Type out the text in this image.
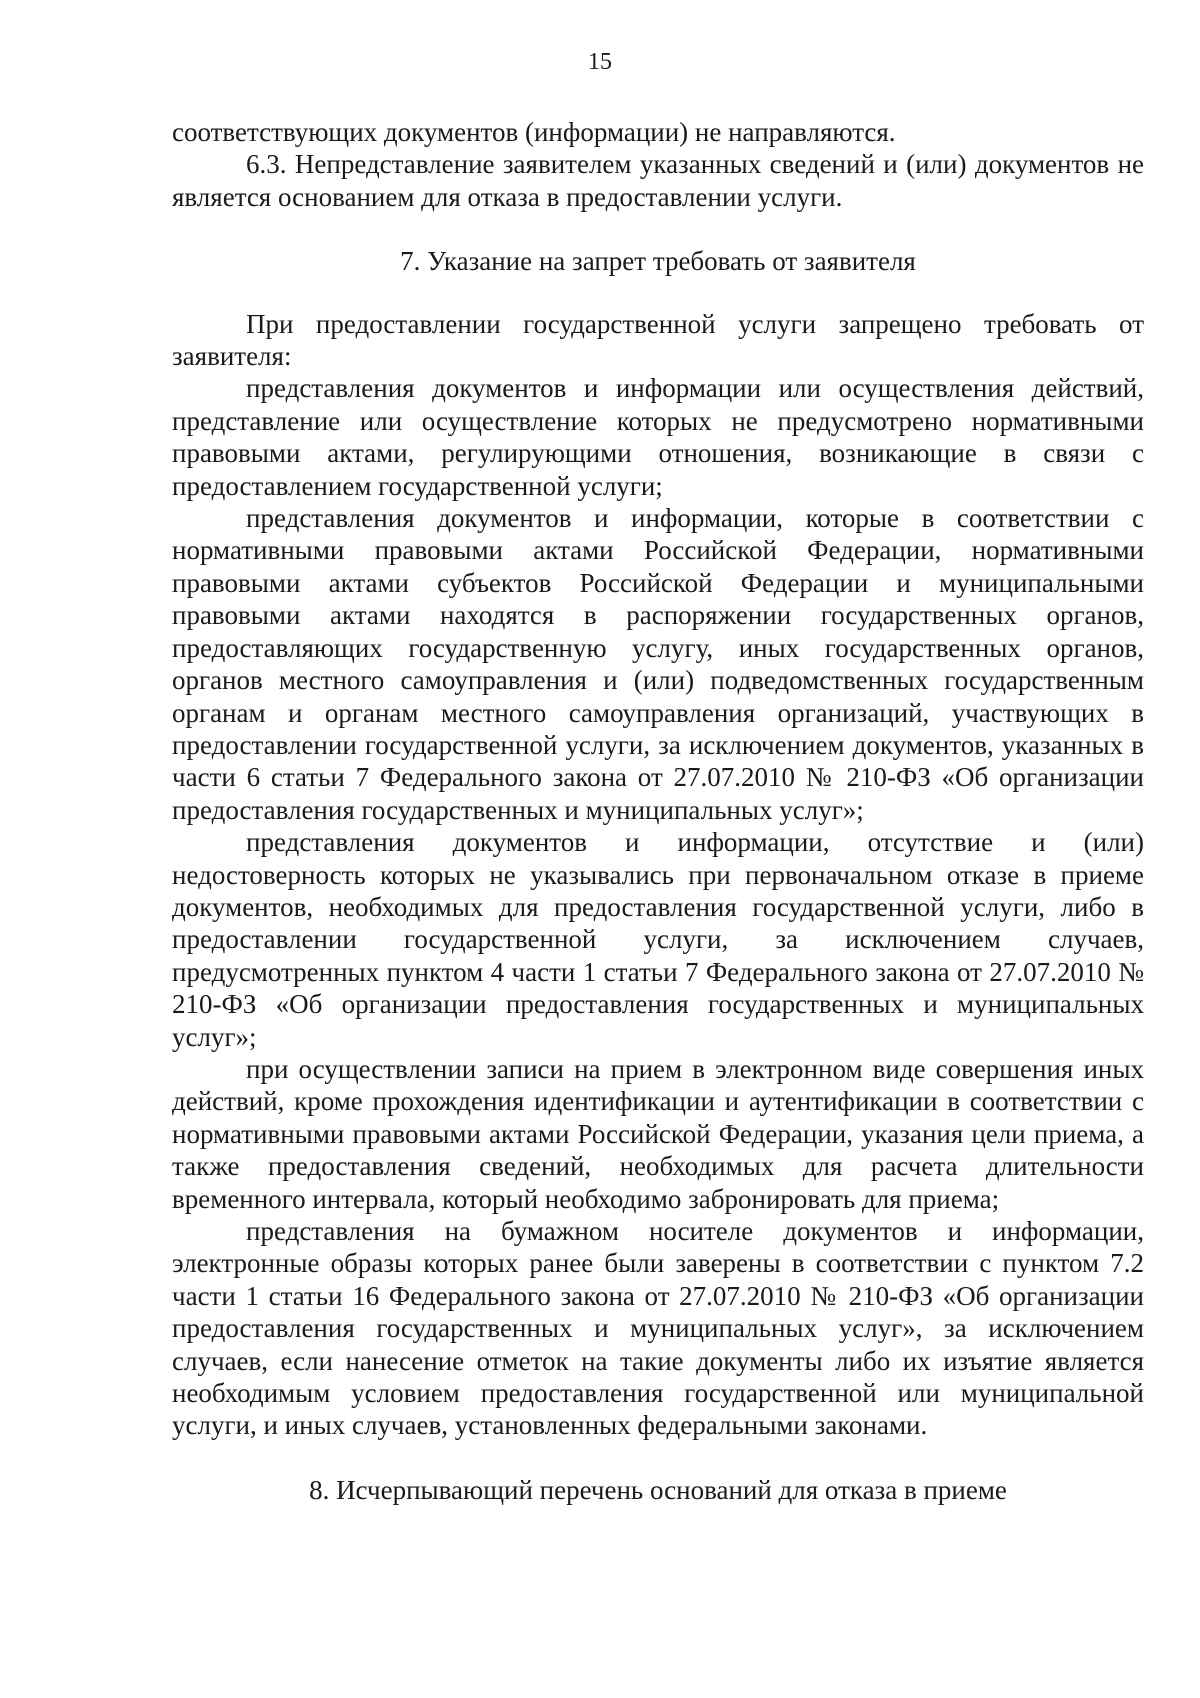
15

соответствующих документов (информации) не направляются.

6.3. Непредставление заявителем указанных сведений и (или) документов не является основанием для отказа в предоставлении услуги.

7. Указание на запрет требовать от заявителя

При предоставлении государственной услуги запрещено требовать от заявителя:

представления документов и информации или осуществления действий, представление или осуществление которых не предусмотрено нормативными правовыми актами, регулирующими отношения, возникающие в связи с предоставлением государственной услуги;

представления документов и информации, которые в соответствии с нормативными правовыми актами Российской Федерации, нормативными правовыми актами субъектов Российской Федерации и муниципальными правовыми актами находятся в распоряжении государственных органов, предоставляющих государственную услугу, иных государственных органов, органов местного самоуправления и (или) подведомственных государственным органам и органам местного самоуправления организаций, участвующих в предоставлении государственной услуги, за исключением документов, указанных в части 6 статьи 7 Федерального закона от 27.07.2010 № 210-ФЗ «Об организации предоставления государственных и муниципальных услуг»;

представления документов и информации, отсутствие и (или) недостоверность которых не указывались при первоначальном отказе в приеме документов, необходимых для предоставления государственной услуги, либо в предоставлении государственной услуги, за исключением случаев, предусмотренных пунктом 4 части 1 статьи 7 Федерального закона от 27.07.2010 № 210-ФЗ «Об организации предоставления государственных и муниципальных услуг»;

при осуществлении записи на прием в электронном виде совершения иных действий, кроме прохождения идентификации и аутентификации в соответствии с нормативными правовыми актами Российской Федерации, указания цели приема, а также предоставления сведений, необходимых для расчета длительности временного интервала, который необходимо забронировать для приема;

представления на бумажном носителе документов и информации, электронные образы которых ранее были заверены в соответствии с пунктом 7.2 части 1 статьи 16 Федерального закона от 27.07.2010 № 210-ФЗ «Об организации предоставления государственных и муниципальных услуг», за исключением случаев, если нанесение отметок на такие документы либо их изъятие является необходимым условием предоставления государственной или муниципальной услуги, и иных случаев, установленных федеральными законами.

8. Исчерпывающий перечень оснований для отказа в приеме
